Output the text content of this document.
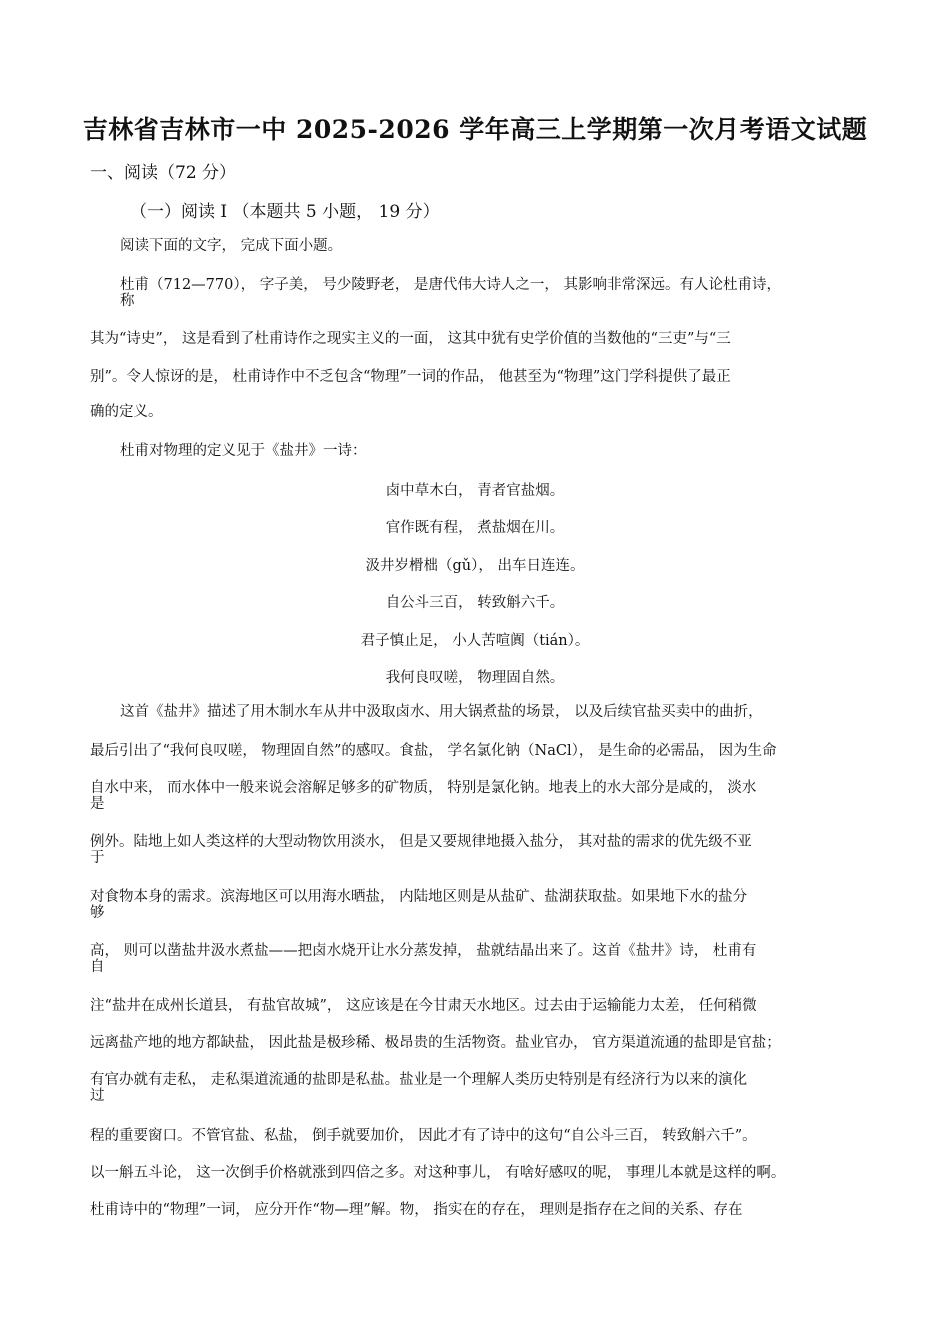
吉林省吉林市一中 2025-2026 学年高三上学期第一次月考语文试题
一、阅读（72 分）
（一）阅读 I （本题共 5 小题， 19 分）
阅读下面的文字， 完成下面小题。
杜甫（712—770）， 字子美， 号少陵野老， 是唐代伟大诗人之一， 其影响非常深远。有人论杜甫诗，
称
其为“诗史”， 这是看到了杜甫诗作之现实主义的一面， 这其中犹有史学价值的当数他的“三吏”与“三
别”。令人惊讶的是， 杜甫诗作中不乏包含“物理”一词的作品， 他甚至为“物理”这门学科提供了最正
确的定义。
杜甫对物理的定义见于《盐井》一诗：
卤中草木白， 青者官盐烟。
官作既有程， 煮盐烟在川。
汲井岁榾柮（gǔ）， 出车日连连。
自公斗三百， 转致斛六千。
君子慎止足， 小人苦喧阗（tián）。
我何良叹嗟， 物理固自然。
这首《盐井》描述了用木制水车从井中汲取卤水、用大锅煮盐的场景， 以及后续官盐买卖中的曲折，
最后引出了“我何良叹嗟， 物理固自然”的感叹。食盐， 学名氯化钠（NaCl）， 是生命的必需品， 因为生命
自水中来， 而水体中一般来说会溶解足够多的矿物质， 特别是氯化钠。地表上的水大部分是咸的， 淡水
是
例外。陆地上如人类这样的大型动物饮用淡水， 但是又要规律地摄入盐分， 其对盐的需求的优先级不亚
于
对食物本身的需求。滨海地区可以用海水晒盐， 内陆地区则是从盐矿、盐湖获取盐。如果地下水的盐分
够
高， 则可以凿盐井汲水煮盐——把卤水烧开让水分蒸发掉， 盐就结晶出来了。这首《盐井》诗， 杜甫有
自
注“盐井在成州长道县， 有盐官故城”， 这应该是在今甘肃天水地区。过去由于运输能力太差， 任何稍微
远离盐产地的地方都缺盐， 因此盐是极珍稀、极昂贵的生活物资。盐业官办， 官方渠道流通的盐即是官盐；
有官办就有走私， 走私渠道流通的盐即是私盐。盐业是一个理解人类历史特别是有经济行为以来的演化
过
程的重要窗口。不管官盐、私盐， 倒手就要加价， 因此才有了诗中的这句“自公斗三百， 转致斛六千”。
以一斛五斗论， 这一次倒手价格就涨到四倍之多。对这种事儿， 有啥好感叹的呢， 事理儿本就是这样的啊。
杜甫诗中的“物理”一词， 应分开作“物—理”解。物， 指实在的存在， 理则是指存在之间的关系、存在
